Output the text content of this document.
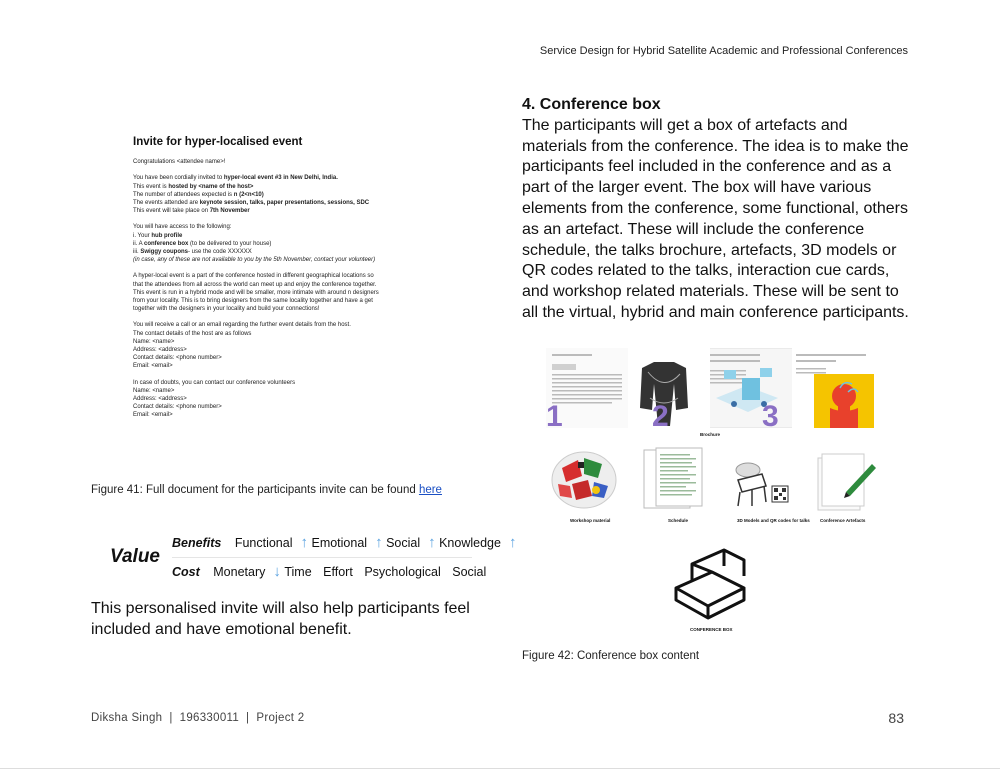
Service Design for Hybrid Satellite Academic and Professional Conferences
Invite for hyper-localised event
Congratulations <attendee name>!
You have been cordially invited to hyper-local event #3 in New Delhi, India.
This event is hosted by <name of the host>
The number of attendees expected is n (2<n<10)
The events attended are keynote session, talks, paper presentations, sessions, SDC
This event will take place on 7th November
You will have access to the following:
i. Your hub profile
ii. A conference box (to be delivered to your house)
iii. Swiggy coupons- use the code XXXXXX
(in case, any of these are not available to you by the 5th November, contact your volunteer)
A hyper-local event is a part of the conference hosted in different geographical locations so
that the attendees from all across the world can meet up and enjoy the conference together.
This event is run in a hybrid mode and will be smaller, more intimate with around n designers
from your locality. This is to bring designers from the same locality together and have a get
together with the designers in your locality and build your connections!
You will receive a call or an email regarding the further event details from the host.
The contact details of the host are as follows
Name: <name>
Address: <address>
Contact details: <phone number>
Email: <email>
In case of doubts, you can contact our conference volunteers
Name: <name>
Address: <address>
Contact details: <phone number>
Email: <email>
Figure 41: Full document for the participants invite can be found here
Value
Benefits Functional ↑ Emotional ↑ Social ↑ Knowledge ↑
Cost Monetary ↓ Time Effort Psychological Social
This personalised invite will also help participants feel included and have emotional benefit.
4. Conference box
The participants will get a box of artefacts and materials from the conference. The idea is to make the participants feel included in the conference and as a part of the larger event. The box will have various elements from the conference, some functional, others as an artefact. These will include the conference schedule, the talks brochure, artefacts, 3D models or QR codes related to the talks, interaction cue cards, and workshop related materials. These will be sent to all the virtual, hybrid and main conference participants.
1	2	3
Brochure
Workshop material	Schedule	3D Models and QR codes for talks Conference Artefacts
CONFERENCE BOX
Figure 42: Conference box content
Diksha Singh  |  196330011  |  Project 2	83
